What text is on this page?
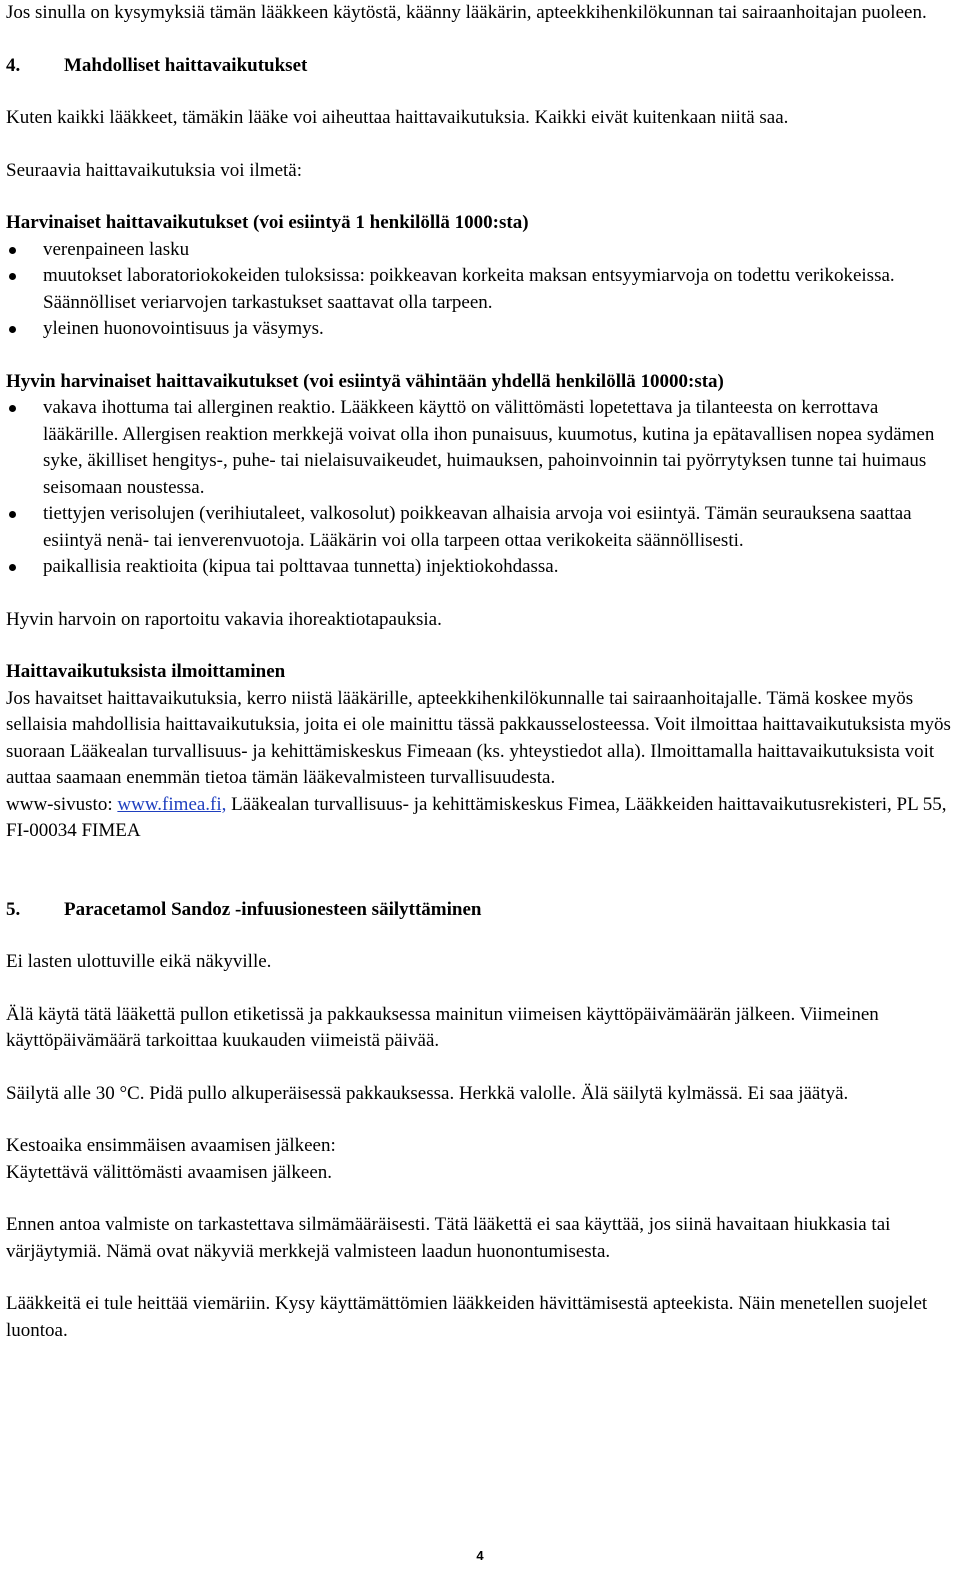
Jos sinulla on kysymyksiä tämän lääkkeen käytöstä, käänny lääkärin, apteekkihenkilökunnan tai sairaanhoitajan puoleen.

4. Mahdolliset haittavaikutukset

Kuten kaikki lääkkeet, tämäkin lääke voi aiheuttaa haittavaikutuksia. Kaikki eivät kuitenkaan niitä saa.

Seuraavia haittavaikutuksia voi ilmetä:

Harvinaiset haittavaikutukset (voi esiintyä 1 henkilöllä 1000:sta)

verenpaineen lasku
muutokset laboratoriokokeiden tuloksissa: poikkeavan korkeita maksan entsyymiarvoja on todettu verikokeissa. Säännölliset veriarvojen tarkastukset saattavat olla tarpeen.
yleinen huonovointisuus ja väsymys.

Hyvin harvinaiset haittavaikutukset (voi esiintyä vähintään yhdellä henkilöllä 10000:sta)

vakava ihottuma tai allerginen reaktio. Lääkkeen käyttö on välittömästi lopetettava ja tilanteesta on kerrottava lääkärille. Allergisen reaktion merkkejä voivat olla ihon punaisuus, kuumotus, kutina ja epätavallisen nopea sydämen syke, äkilliset hengitys-, puhe- tai nielaisuvaikeudet, huimauksen, pahoinvoinnin tai pyörrytyksen tunne tai huimaus seisomaan noustessa.
tiettyjen verisolujen (verihiutaleet, valkosolut) poikkeavan alhaisia arvoja voi esiintyä. Tämän seurauksena saattaa esiintyä nenä- tai ienverenvuotoja. Lääkärin voi olla tarpeen ottaa verikokeita säännöllisesti.
paikallisia reaktioita (kipua tai polttavaa tunnetta) injektiokohdassa.

Hyvin harvoin on raportoitu vakavia ihoreaktiotapauksia.

Haittavaikutuksista ilmoittaminen

Jos havaitset haittavaikutuksia, kerro niistä lääkärille, apteekkihenkilökunnalle tai sairaanhoitajalle. Tämä koskee myös sellaisia mahdollisia haittavaikutuksia, joita ei ole mainittu tässä pakkausselosteessa. Voit ilmoittaa haittavaikutuksista myös suoraan Lääkealan turvallisuus- ja kehittämiskeskus Fimeaan (ks. yhteystiedot alla). Ilmoittamalla haittavaikutuksista voit auttaa saamaan enemmän tietoa tämän lääkevalmisteen turvallisuudesta.

www-sivusto: www.fimea.fi, Lääkealan turvallisuus- ja kehittämiskeskus Fimea, Lääkkeiden haittavaikutusrekisteri, PL 55, FI-00034 FIMEA

5. Paracetamol Sandoz -infuusionesteen säilyttäminen

Ei lasten ulottuville eikä näkyville.

Älä käytä tätä lääkettä pullon etiketissä ja pakkauksessa mainitun viimeisen käyttöpäivämäärän jälkeen. Viimeinen käyttöpäivämäärä tarkoittaa kuukauden viimeistä päivää.

Säilytä alle 30 °C. Pidä pullo alkuperäisessä pakkauksessa. Herkkä valolle. Älä säilytä kylmässä. Ei saa jäätyä.

Kestoaika ensimmäisen avaamisen jälkeen:

Käytettävä välittömästi avaamisen jälkeen.

Ennen antoa valmiste on tarkastettava silmämääräisesti. Tätä lääkettä ei saa käyttää, jos siinä havaitaan hiukkasia tai värjäytymiä. Nämä ovat näkyviä merkkejä valmisteen laadun huonontumisesta.

Lääkkeitä ei tule heittää viemäriin. Kysy käyttämättömien lääkkeiden hävittämisestä apteekista. Näin menetellen suojelet luontoa.

4
